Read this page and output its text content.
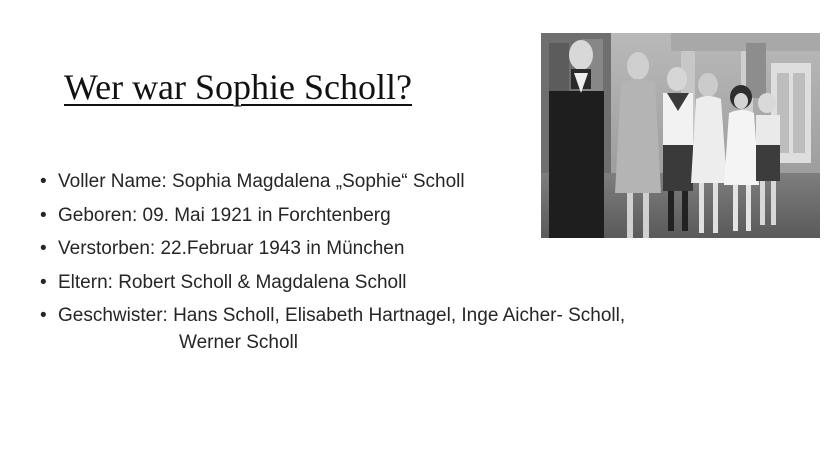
Wer war Sophie Scholl?
• Voller Name: Sophia Magdalena „Sophie“ Scholl
• Geboren: 09. Mai 1921 in Forchtenberg
• Verstorben: 22.Februar 1943 in München
• Eltern: Robert Scholl & Magdalena Scholl
• Geschwister: Hans Scholl, Elisabeth Hartnagel, Inge Aicher- Scholl,
Werner Scholl
